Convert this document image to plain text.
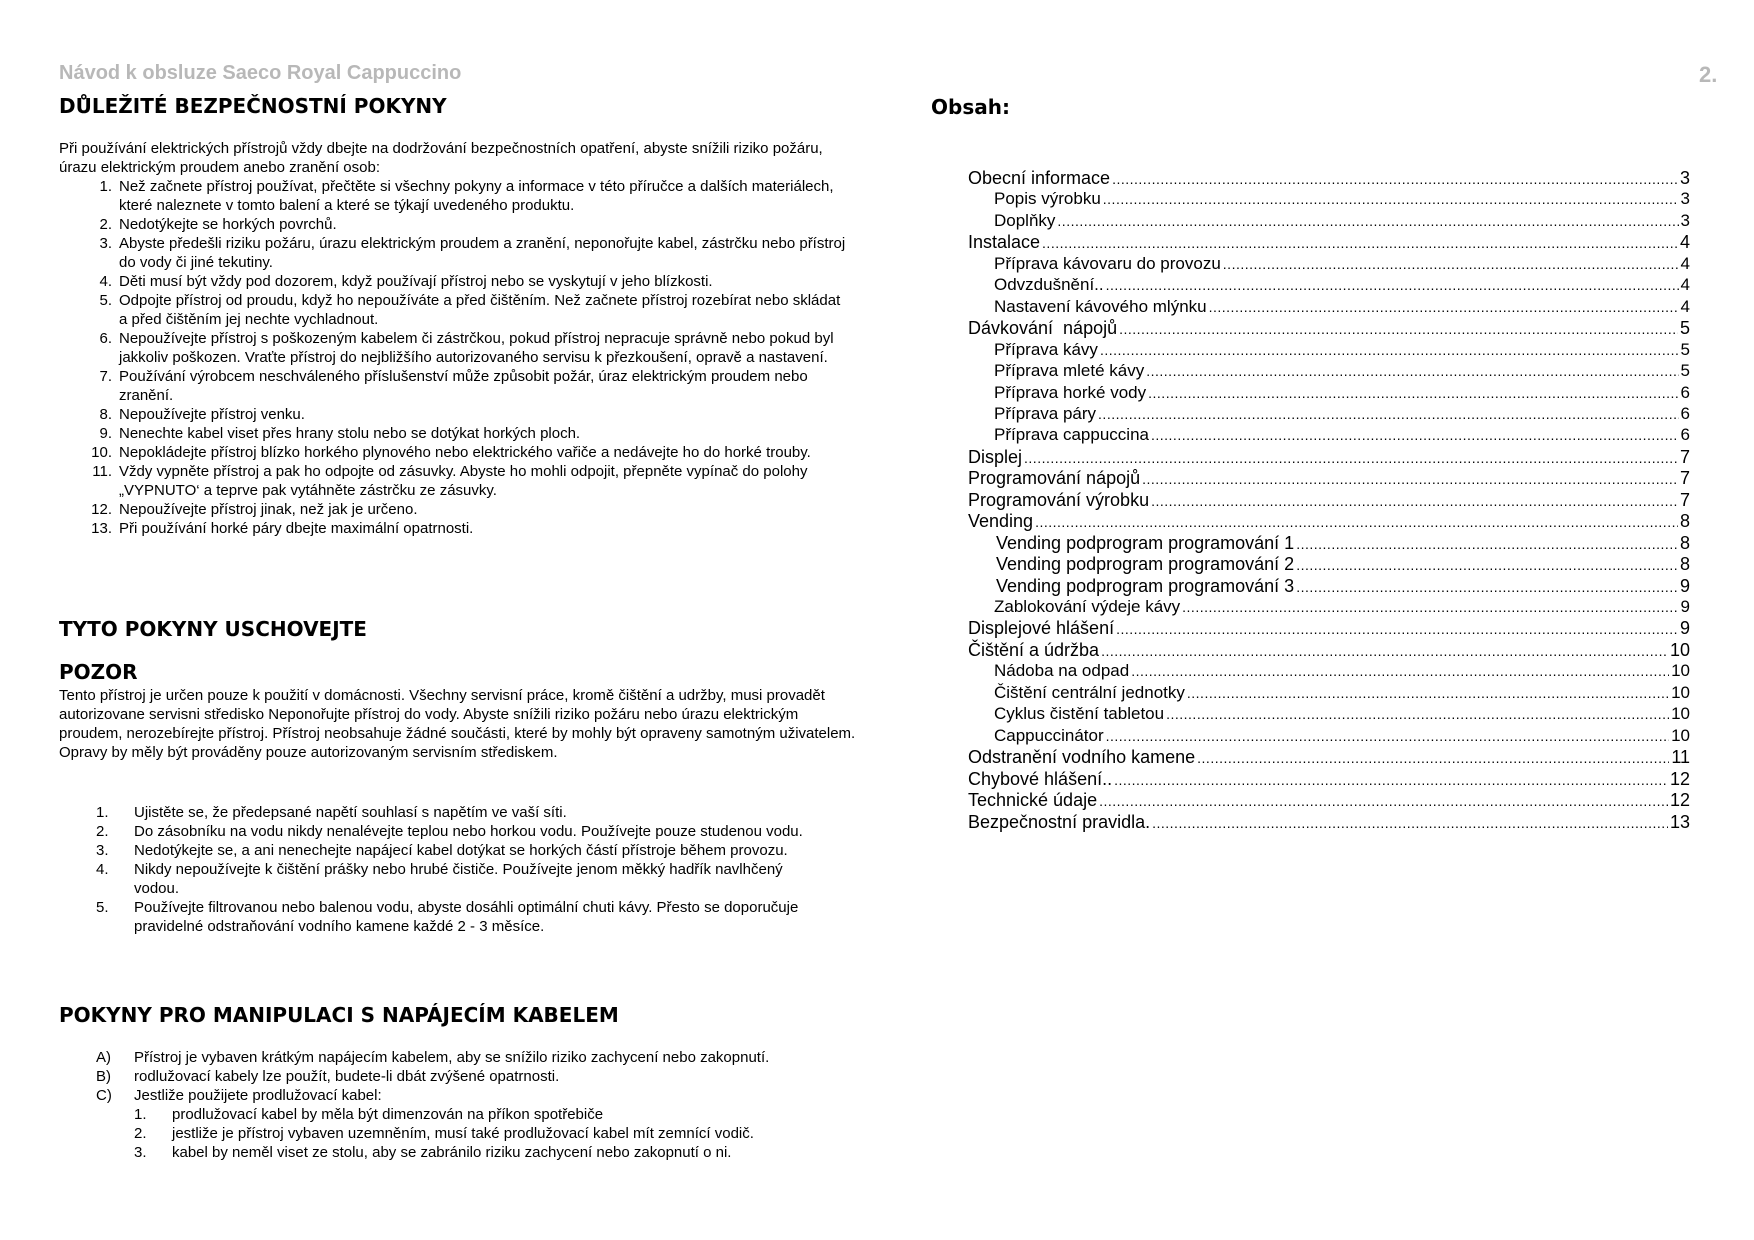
Návod k obsluze Saeco Royal Cappuccino	2.
DŮLEŽITÉ BEZPEČNOSTNÍ POKYNY
Při používání elektrických přístrojů vždy dbejte na dodržování bezpečnostních opatření, abyste snížili riziko požáru, úrazu elektrickým proudem anebo zranění osob:
1. Než začnete přístroj používat, přečtěte si všechny pokyny a informace v této příručce a dalších materiálech, které naleznete v tomto balení a které se týkají uvedeného produktu.
2. Nedotýkejte se horkých povrchů.
3. Abyste předešli riziku požáru, úrazu elektrickým proudem a zranění, neponořujte kabel, zástrčku nebo přístroj do vody či jiné tekutiny.
4. Děti musí být vždy pod dozorem, když používají přístroj nebo se vyskytují v jeho blízkosti.
5. Odpojte přístroj od proudu, když ho nepoužíváte a před čištěním. Než začnete přístroj rozebírat nebo skládat a před čištěním jej nechte vychladnout.
6. Nepoužívejte přístroj s poškozeným kabelem či zástrčkou, pokud přístroj nepracuje správně nebo pokud byl jakkoliv poškozen. Vraťte přístroj do nejbližšího autorizovaného servisu k přezkoušení, opravě a nastavení.
7. Používání výrobcem neschváleného příslušenství může způsobit požár, úraz elektrickým proudem nebo zranění.
8. Nepoužívejte přístroj venku.
9. Nenechte kabel viset přes hrany stolu nebo se dotýkat horkých ploch.
10. Nepokládejte přístroj blízko horkého plynového nebo elektrického vařiče a nedávejte ho do horké trouby.
11. Vždy vypněte přístroj a pak ho odpojte od zásuvky. Abyste ho mohli odpojit, přepněte vypínač do polohy „VYPNUTO‘ a teprve pak vytáhněte zástrčku ze zásuvky.
12. Nepoužívejte přístroj jinak, než jak je určeno.
13. Při používání horké páry dbejte maximální opatrnosti.
TYTO POKYNY USCHOVEJTE
POZOR
Tento přístroj je určen pouze k použití v domácnosti. Všechny servisní práce, kromě čištění a udržby, musi provadět autorizovane servisni středisko Neponořujte přístroj do vody. Abyste snížili riziko požáru nebo úrazu elektrickým proudem, nerozebírejte přístroj. Přístroj neobsahuje žádné součásti, které by mohly být opraveny samotným uživatelem. Opravy by měly být prováděny pouze autorizovaným servisním střediskem.
1.	Ujistěte se, že předepsané napětí souhlasí s napětím ve vaší síti.
2.	Do zásobníku na vodu nikdy nenalévejte teplou nebo horkou vodu. Používejte pouze studenou vodu.
3.	Nedotýkejte se, a ani nenechejte napájecí kabel dotýkat se horkých částí přístroje během provozu.
4.	Nikdy nepoužívejte k čištění prášky nebo hrubé čističe. Používejte jenom měkký hadřík navlhčený vodou.
5.	Používejte filtrovanou nebo balenou vodu, abyste dosáhli optimální chuti kávy. Přesto se doporučuje pravidelné odstraňování vodního kamene každé 2 - 3 měsíce.
POKYNY PRO MANIPULACI S NAPÁJECÍM KABELEM
A)	Přístroj je vybaven krátkým napájecím kabelem, aby se snížilo riziko zachycení nebo zakopnutí.
B)	rodlužovací kabely lze použít, budete-li dbát zvýšené opatrnosti.
C)	Jestliže použijete prodlužovací kabel:
1.	prodlužovací kabel by měla být dimenzován na příkon spotřebiče
2.	jestliže je přístroj vybaven uzemněním, musí také prodlužovací kabel mít zemnící vodič.
3.	kabel by neměl viset ze stolu, aby se zabránilo riziku zachycení nebo zakopnutí o ni.
Obsah:
Obecní informace .....	3
Popis výrobku .....	3
Doplňky .....	3
Instalace .....	4
Příprava kávovaru do provozu .....	4
Odvzdušnění.. .....	4
Nastavení kávového mlýnku .....	4
Dávkování  nápojů .....	5
Příprava kávy .....	5
Příprava mleté kávy .....	5
Příprava horké vody .....	6
Příprava páry .....	6
Příprava cappuccina .....	6
Displej .....	7
Programování nápojů .....	7
Programování výrobku .....	7
Vending .....	8
Vending podprogram programování 1 .....	8
Vending podprogram programování 2 .....	8
Vending podprogram programování 3 .....	9
Zablokování výdeje kávy .....	9
Displejové hlášení .....	9
Čištění a údržba .....	10
Nádoba na odpad .....	10
Čištění centrální jednotky .....	10
Cyklus čistění tabletou .....	10
Cappuccinátor .....	10
Odstranění vodního kamene .....	11
Chybové hlášení.. .....	12
Technické údaje .....	12
Bezpečnostní pravidla. .....	13
